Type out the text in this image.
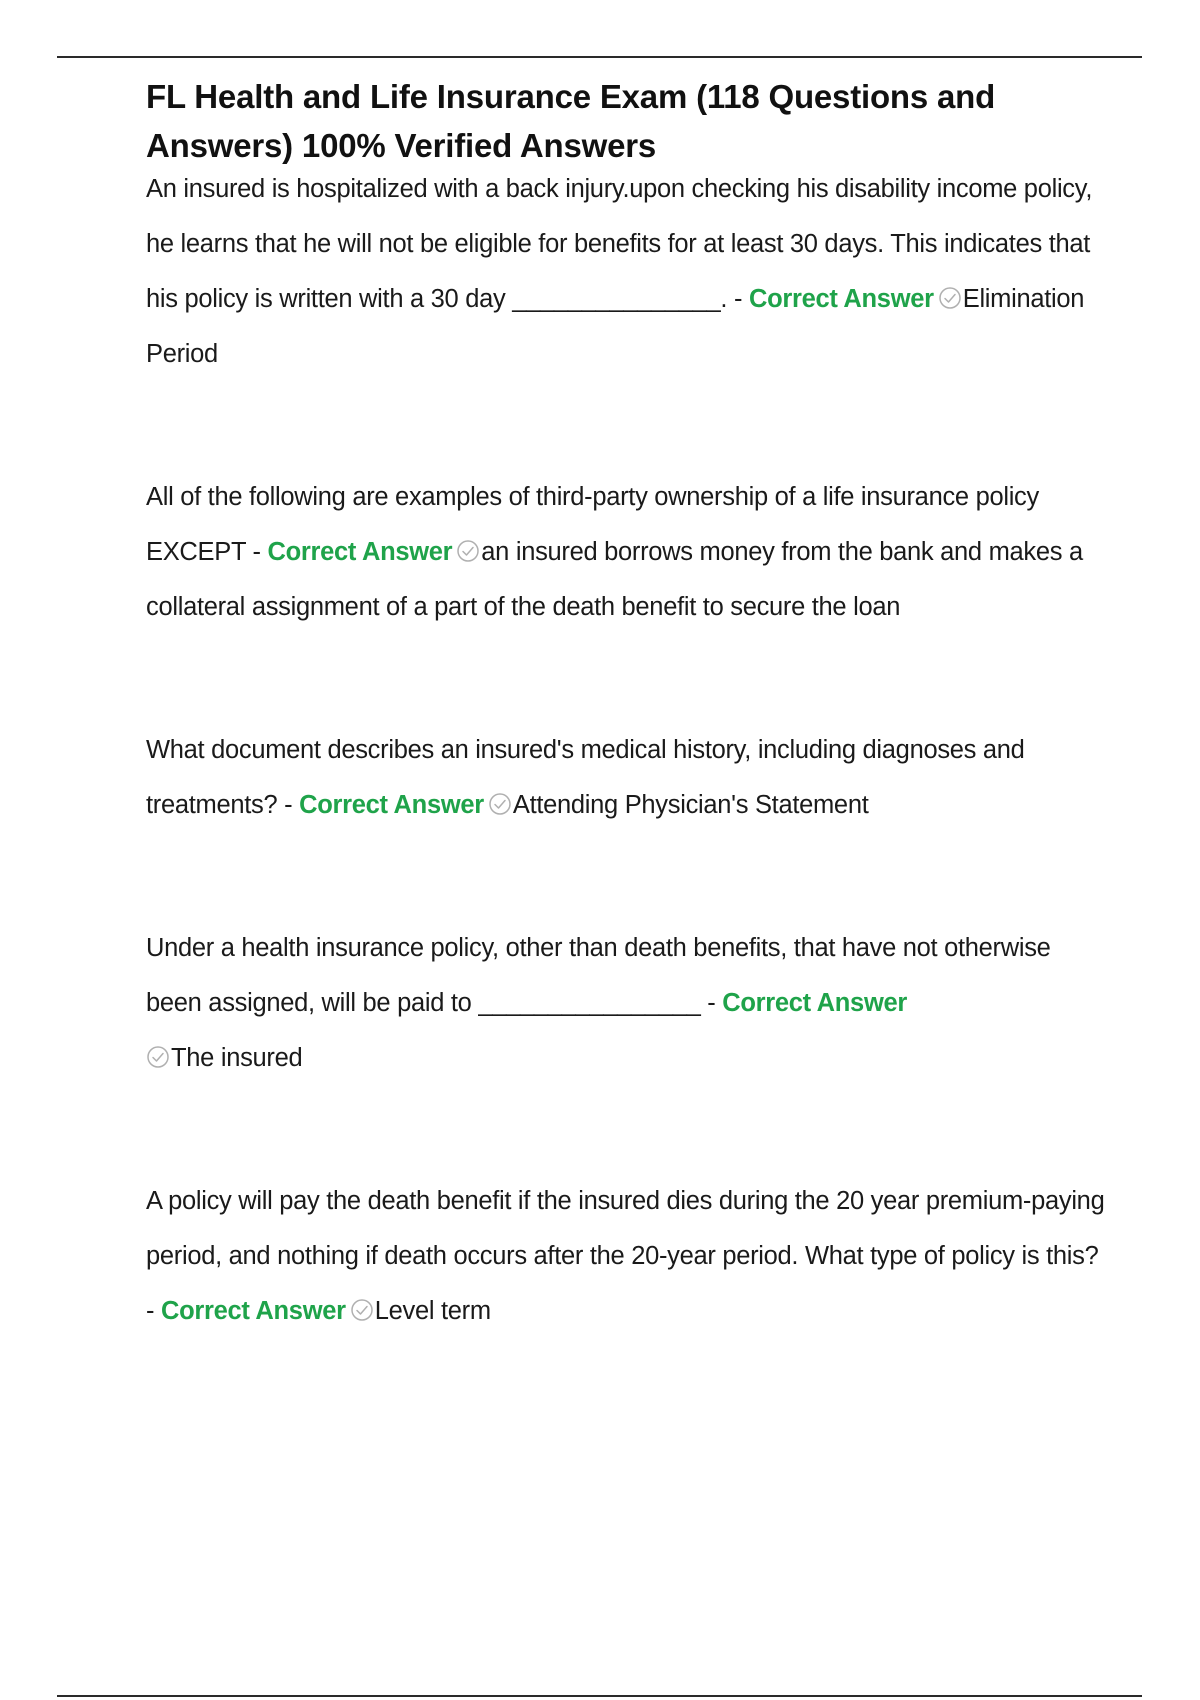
FL Health and Life Insurance Exam (118 Questions and Answers) 100% Verified Answers

An insured is hospitalized with a back injury.upon checking his disability income policy, he learns that he will not be eligible for benefits for at least 30 days. This indicates that his policy is written with a 30 day _______________. - Correct Answer Elimination Period

All of the following are examples of third-party ownership of a life insurance policy EXCEPT - Correct Answer an insured borrows money from the bank and makes a collateral assignment of a part of the death benefit to secure the loan

What document describes an insured's medical history, including diagnoses and treatments? - Correct Answer Attending Physician's Statement

Under a health insurance policy, other than death benefits, that have not otherwise been assigned, will be paid to ________________ - Correct Answer

The insured

A policy will pay the death benefit if the insured dies during the 20 year premium-paying period, and nothing if death occurs after the 20-year period. What type of policy is this? - Correct Answer Level term
